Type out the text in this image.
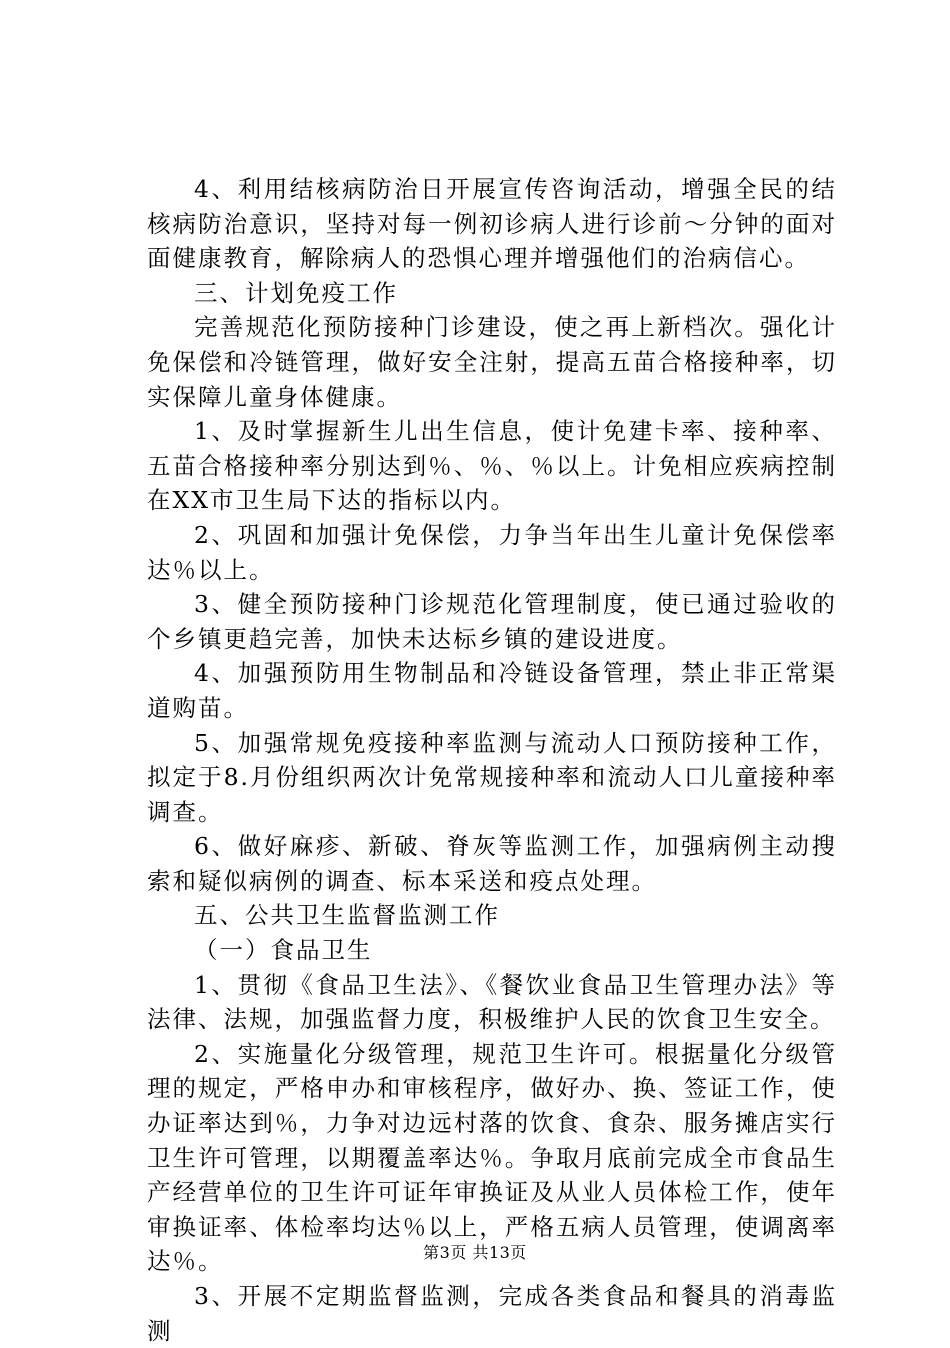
4、利用结核病防治日开展宣传咨询活动，增强全民的结核病防治意识，坚持对每一例初诊病人进行诊前～分钟的面对面健康教育，解除病人的恐惧心理并增强他们的治病信心。

三、计划免疫工作

完善规范化预防接种门诊建设，使之再上新档次。强化计免保偿和冷链管理，做好安全注射，提高五苗合格接种率，切实保障儿童身体健康。

1、及时掌握新生儿出生信息，使计免建卡率、接种率、五苗合格接种率分别达到％、％、％以上。计免相应疾病控制在XX市卫生局下达的指标以内。

2、巩固和加强计免保偿，力争当年出生儿童计免保偿率达％以上。

3、健全预防接种门诊规范化管理制度，使已通过验收的个乡镇更趋完善，加快未达标乡镇的建设进度。

4、加强预防用生物制品和冷链设备管理，禁止非正常渠道购苗。

5、加强常规免疫接种率监测与流动人口预防接种工作，拟定于8.月份组织两次计免常规接种率和流动人口儿童接种率调查。

6、做好麻疹、新破、脊灰等监测工作，加强病例主动搜索和疑似病例的调查、标本采送和疫点处理。

五、公共卫生监督监测工作

（一）食品卫生

1、贯彻《食品卫生法》、《餐饮业食品卫生管理办法》等法律、法规，加强监督力度，积极维护人民的饮食卫生安全。

2、实施量化分级管理，规范卫生许可。根据量化分级管理的规定，严格申办和审核程序，做好办、换、签证工作，使办证率达到％，力争对边远村落的饮食、食杂、服务摊店实行卫生许可管理，以期覆盖率达％。争取月底前完成全市食品生产经营单位的卫生许可证年审换证及从业人员体检工作，使年审换证率、体检率均达％以上，严格五病人员管理，使调离率达％。

3、开展不定期监督监测，完成各类食品和餐具的消毒监测

第3页 共13页
